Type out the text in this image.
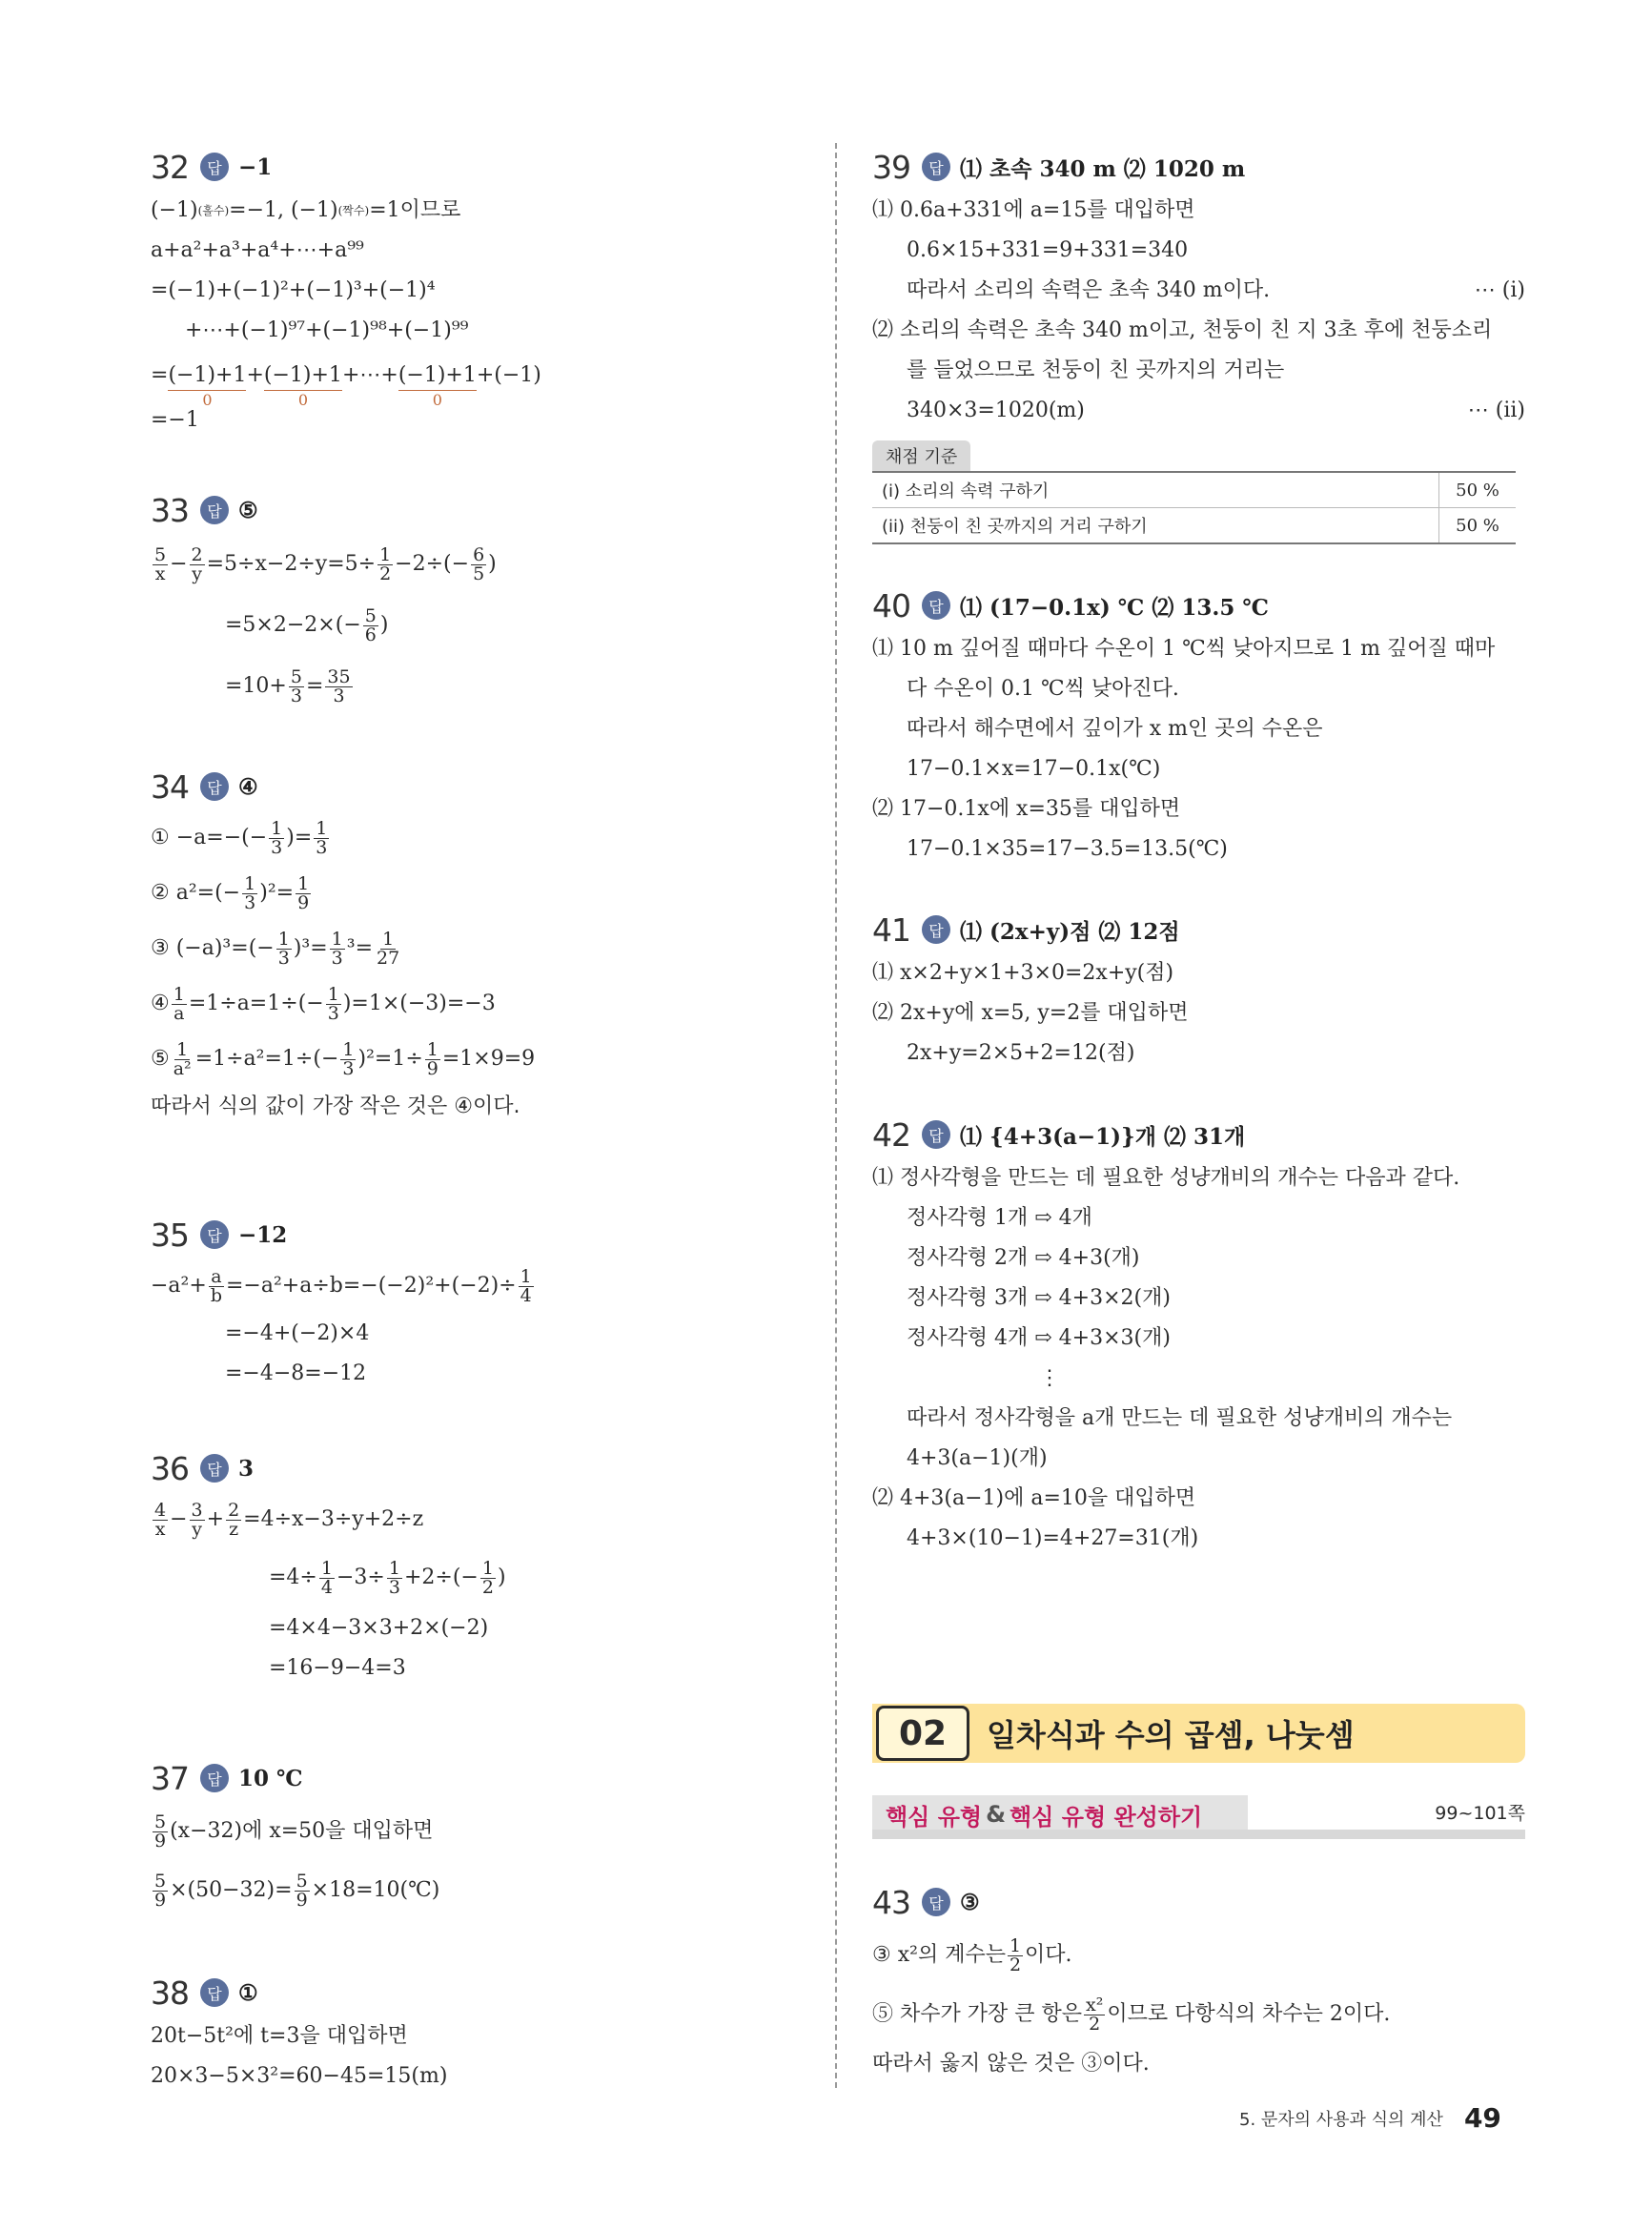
32	답 −1
(−1) (홀수) =−1, (−1) (짝수) =1이므로
a+a²+a³+a⁴+⋯+a⁹⁹
=(−1)+(−1)²+(−1)³+(−1)⁴
+⋯+(−1)⁹⁷+(−1)⁹⁸+(−1)⁹⁹
= (−1)+1
0
+ (−1)+1
0
+⋯+ (−1)+1
0
+(−1)
=−1
33	답 ⑤
$\frac{5}{x} - \frac{2}{y} =5\div x-2\div y=5\div \frac{1}{2} -2\div$ (− $\frac{6}{5}$ )
=5×2−2× (− $\frac{5}{6}$ )
$=10+ \frac{5}{3} = \frac{35}{3}$
34	답 ④
① −a=− (− $\frac{1}{3}$ ) = $\frac{1}{3}$
② a²= (− $\frac{1}{3}$ ) $^2= \frac{1}{9}$
③ (−a)³= (− $\frac{1}{3}$ ) $^3= \frac{1}{3} ^3= \frac{1}{27}$
④ $\frac{1}{a} =1\div a=1\div$ (− $\frac{1}{3}$ ) =1×(−3)=−3
⑤ $\frac{1}{\text{a²}} =1\div a^2=1\div$ (− $\frac{1}{3}$ ) $^2=1\div \frac{1}{9} =1\times 9=9$
따라서 식의 값이 가장 작은 것은 ④이다.
35	답 −12
$-a^2+ \frac{a}{b} =-a^2+a\div b=-(-2)^2+(-2)\div \frac{1}{4}$
=−4+(−2)×4
=−4−8=−12
36	답 3
$\frac{4}{x} - \frac{3}{y} + \frac{2}{z} =4\div x-3\div y+2\div z$
$=4\div \frac{1}{4} -3\div \frac{1}{3} +2\div$ (− $\frac{1}{2}$ )
=4×4−3×3+2×(−2)
=16−9−4=3
37	답 10 ℃
$\frac{5}{9} (x-32)$에 x=50을 대입하면
$\frac{5}{9} \times(50-32)= \frac{5}{9}$ ×18=10(℃)
38	답 ①
20t−5t²에 t=3을 대입하면
20×3−5×3²=60−45=15(m)
39	답 ⑴ 초속 340 m ⑵ 1020 m
⑴ 0.6a+331에 a=15를 대입하면
0.6×15+331=9+331=340
따라서 소리의 속력은 초속 340 m이다.	⋯ (i)
⑵ 소리의 속력은 초속 340 m이고, 천둥이 친 지 3초 후에 천둥소리
를 들었으므로 천둥이 친 곳까지의 거리는
340×3=1020(m)	⋯ (ii)
채점 기준
(i) 소리의 속력 구하기	50 %
(ii) 천둥이 친 곳까지의 거리 구하기	50 %
40	답 ⑴ (17−0.1x) ℃ ⑵ 13.5 ℃
⑴ 10 m 깊어질 때마다 수온이 1 ℃씩 낮아지므로 1 m 깊어질 때마
다 수온이 0.1 ℃씩 낮아진다.
따라서 해수면에서 깊이가 x m인 곳의 수온은
17−0.1×x=17−0.1x(℃)
⑵ 17−0.1x에 x=35를 대입하면
17−0.1×35=17−3.5=13.5(℃)
41	답 ⑴ (2x+y)점 ⑵ 12점
⑴ x×2+y×1+3×0=2x+y(점)
⑵ 2x+y에 x=5, y=2를 대입하면
2x+y=2×5+2=12(점)
42	답 ⑴ {4+3(a−1)}개 ⑵ 31개
⑴ 정사각형을 만드는 데 필요한 성냥개비의 개수는 다음과 같다.
정사각형 1개 ⇨ 4개
정사각형 2개 ⇨ 4+3(개)
정사각형 3개 ⇨ 4+3×2(개)
정사각형 4개 ⇨ 4+3×3(개)
⋮
따라서 정사각형을 a개 만드는 데 필요한 성냥개비의 개수는
4+3(a−1)(개)
⑵ 4+3(a−1)에 a=10을 대입하면
4+3×(10−1)=4+27=31(개)
02	일차식과 수의 곱셈, 나눗셈
핵심 유형 & 핵심 유형 완성하기	99~101쪽
43	답 ③
③ x²의 계수는 $\frac{1}{2}$ 이다.
⑤ 차수가 가장 큰 항은 $\frac{\text{x²}}{2}$ 이므로 다항식의 차수는 2이다.
따라서 옳지 않은 것은 ③이다.
5. 문자의 사용과 식의 계산 49
